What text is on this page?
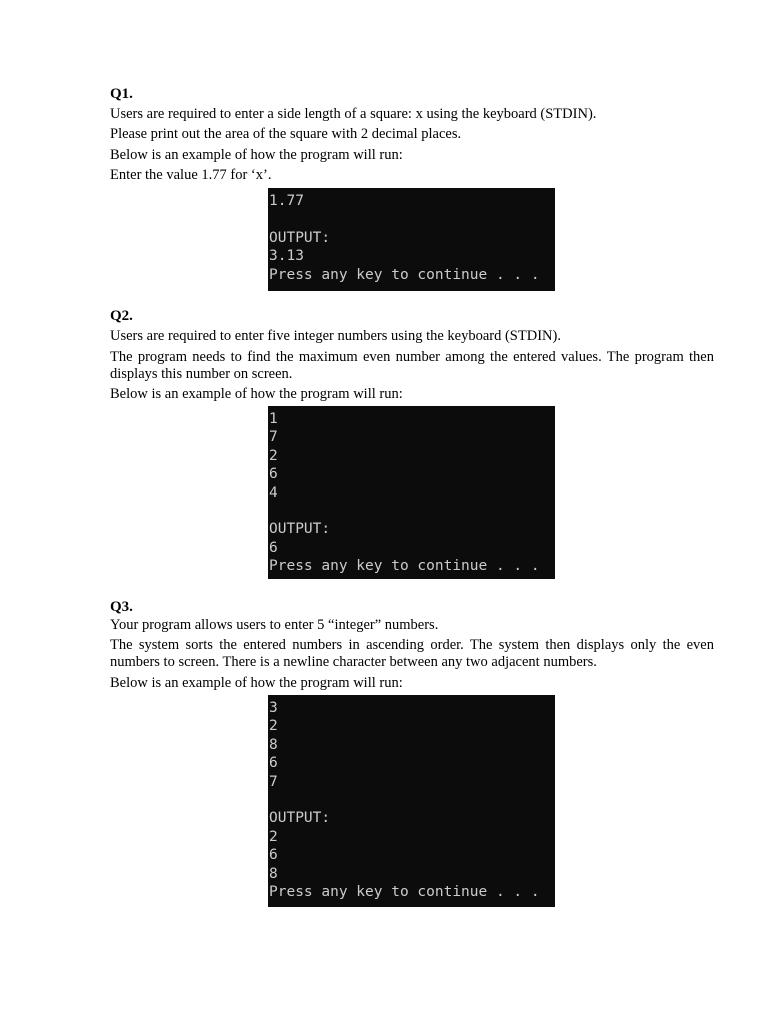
Q1.
Users are required to enter a side length of a square: x using the keyboard (STDIN).
Please print out the area of the square with 2 decimal places.
Below is an example of how the program will run:
Enter the value 1.77 for ‘x’.
1.77
OUTPUT:
3.13
Press any key to continue . . .
Q2.
Users are required to enter five integer numbers using the keyboard (STDIN).
The program needs to find the maximum even number among the entered values. The program then displays this number on screen.
Below is an example of how the program will run:
1
7
2
6
4
OUTPUT:
6
Press any key to continue . . .
Q3.
Your program allows users to enter 5 “integer” numbers.
The system sorts the entered numbers in ascending order. The system then displays only the even numbers to screen. There is a newline character between any two adjacent numbers.
Below is an example of how the program will run:
3
2
8
6
7
OUTPUT:
2
6
8
Press any key to continue . . .
